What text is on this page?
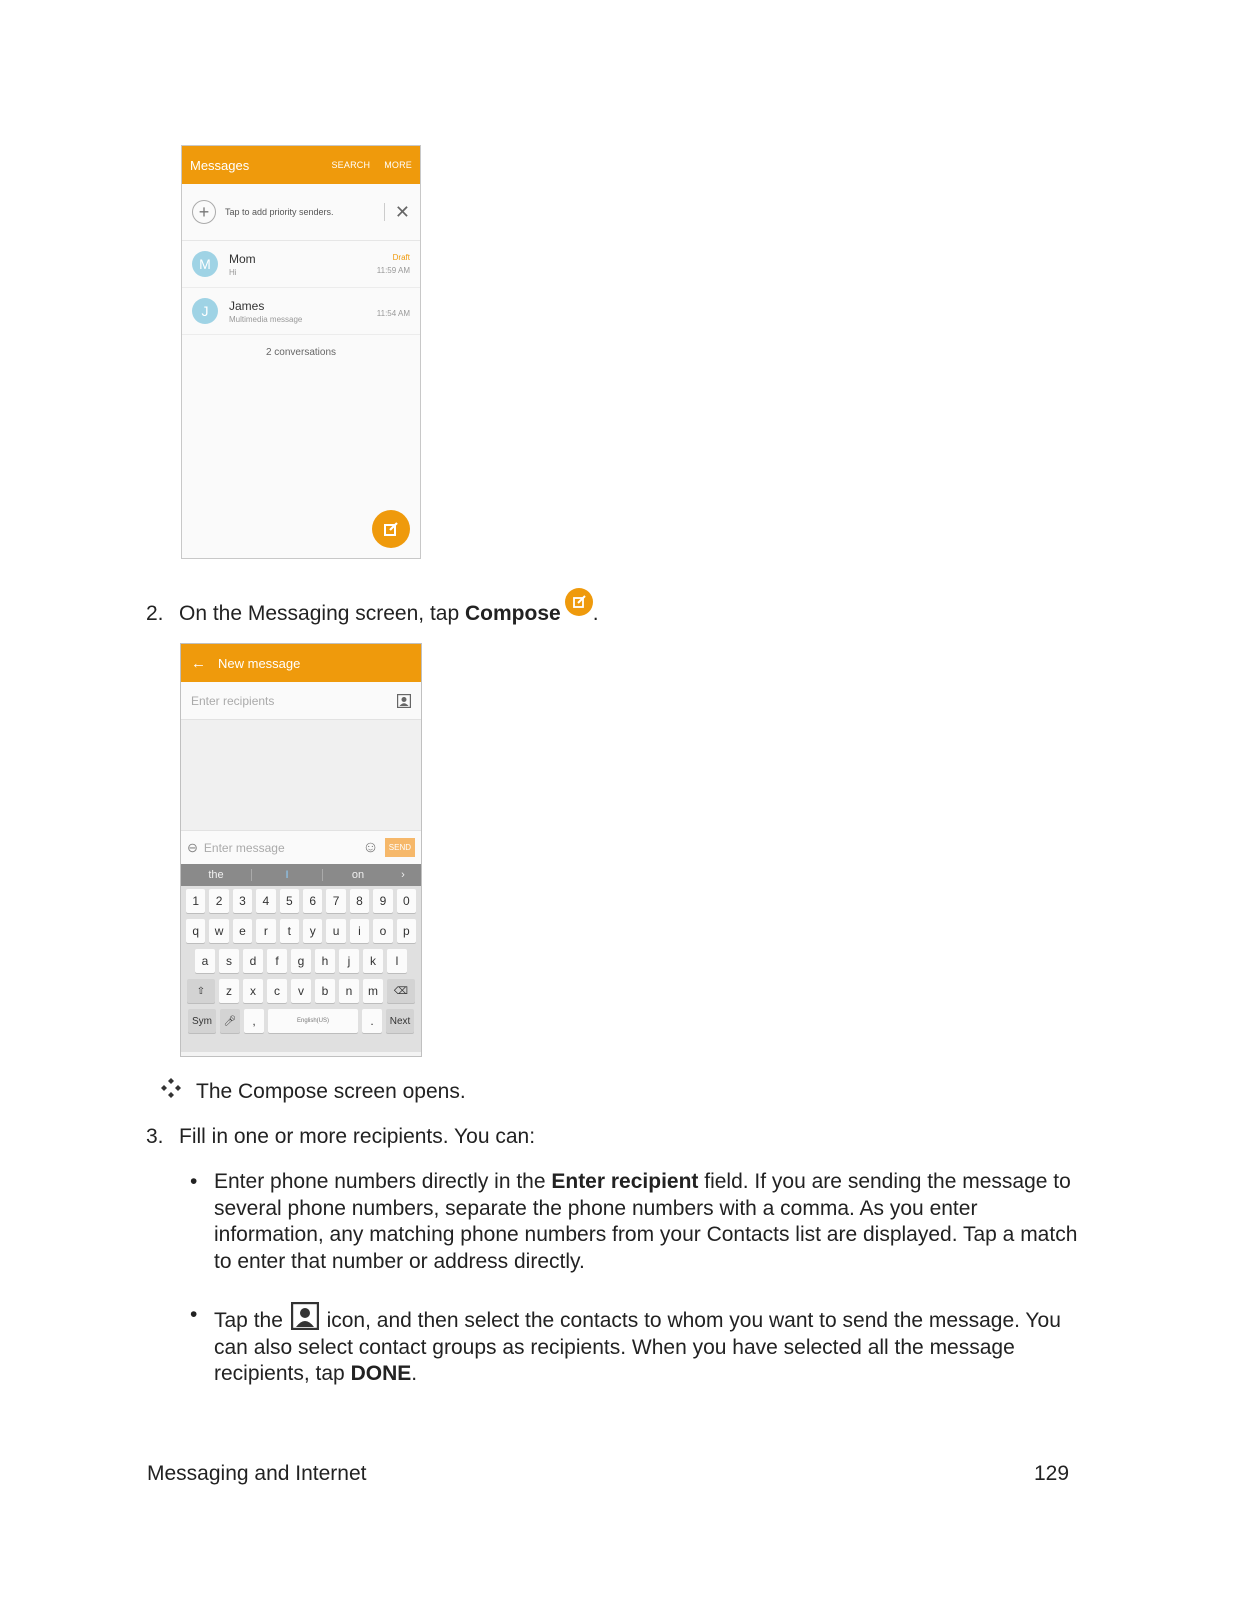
Messages	SEARCH MORE
+	Tap to add priority senders.	✕
M	Mom
Hi
Draft
11:59 AM
J	James
Multimedia message
11:54 AM
2 conversations
2. On the Messaging screen, tap Compose .
← New message
Enter recipients
⊘ Enter message	☺	SEND
the	I	on	›
1	2	3	4	5	6	7	8	9	0
q	w	e	r	t	y	u	i	o	p
a	s	d	f	g	h	j	k	l
⇧	z	x	c	v	b	n	m	⌫
Sym	🎤︎	,	English(US)	.	Next
The Compose screen opens.
3. Fill in one or more recipients. You can:
• Enter phone numbers directly in the Enter recipient field. If you are sending the message to several phone numbers, separate the phone numbers with a comma. As you enter information, any matching phone numbers from your Contacts list are displayed. Tap a match to enter that number or address directly.
• Tap the  icon, and then select the contacts to whom you want to send the message. You can also select contact groups as recipients. When you have selected all the message recipients, tap DONE.
Messaging and Internet	129
